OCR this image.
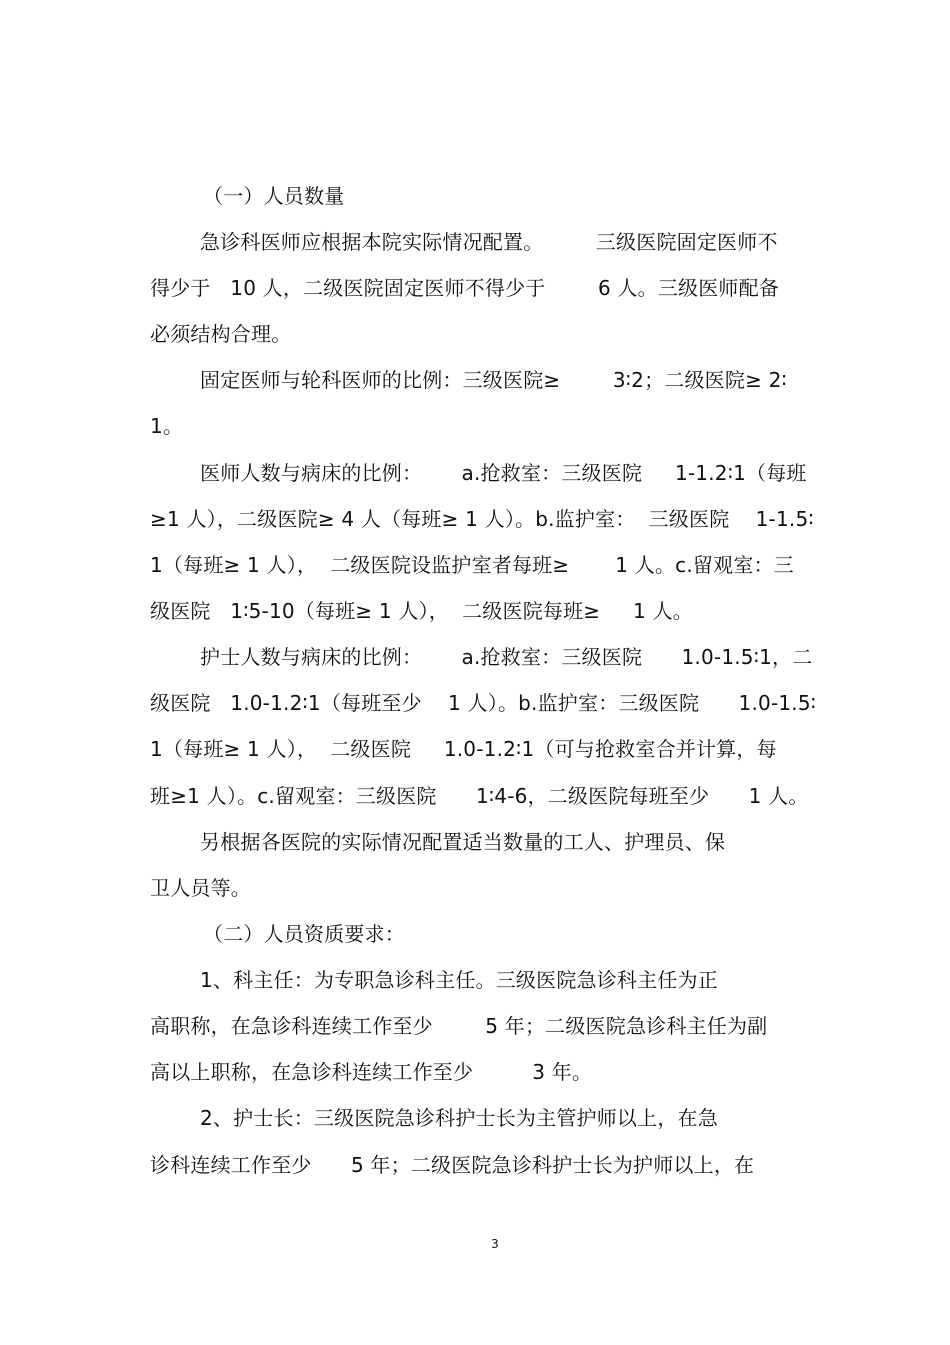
（一）人员数量
急诊科医师应根据本院实际情况配置。        三级医院固定医师不
得少于   10 人，二级医院固定医师不得少于        6 人。三级医师配备
必须结构合理。
固定医师与轮科医师的比例：三级医院≥        3∶2；二级医院≥ 2∶
1。
医师人数与病床的比例：      a.抢救室：三级医院     1-1.2∶1（每班
≥1 人），二级医院≥ 4 人（每班≥ 1 人）。b.监护室：  三级医院    1-1.5∶
1（每班≥ 1 人），  二级医院设监护室者每班≥       1 人。c.留观室：三
级医院   1∶5-10（每班≥ 1 人），  二级医院每班≥     1 人。
护士人数与病床的比例：      a.抢救室：三级医院      1.0-1.5∶1，二
级医院   1.0-1.2∶1（每班至少    1 人）。b.监护室：三级医院      1.0-1.5∶
1（每班≥ 1 人），  二级医院     1.0-1.2∶1（可与抢救室合并计算，每
班≥1 人）。c.留观室：三级医院      1∶4-6，二级医院每班至少      1 人。
另根据各医院的实际情况配置适当数量的工人、护理员、保
卫人员等。
（二）人员资质要求：
1、科主任：为专职急诊科主任。三级医院急诊科主任为正
高职称，在急诊科连续工作至少        5 年；二级医院急诊科主任为副
高以上职称，在急诊科连续工作至少         3 年。
2、护士长：三级医院急诊科护士长为主管护师以上，在急
诊科连续工作至少      5 年；二级医院急诊科护士长为护师以上，在
3
